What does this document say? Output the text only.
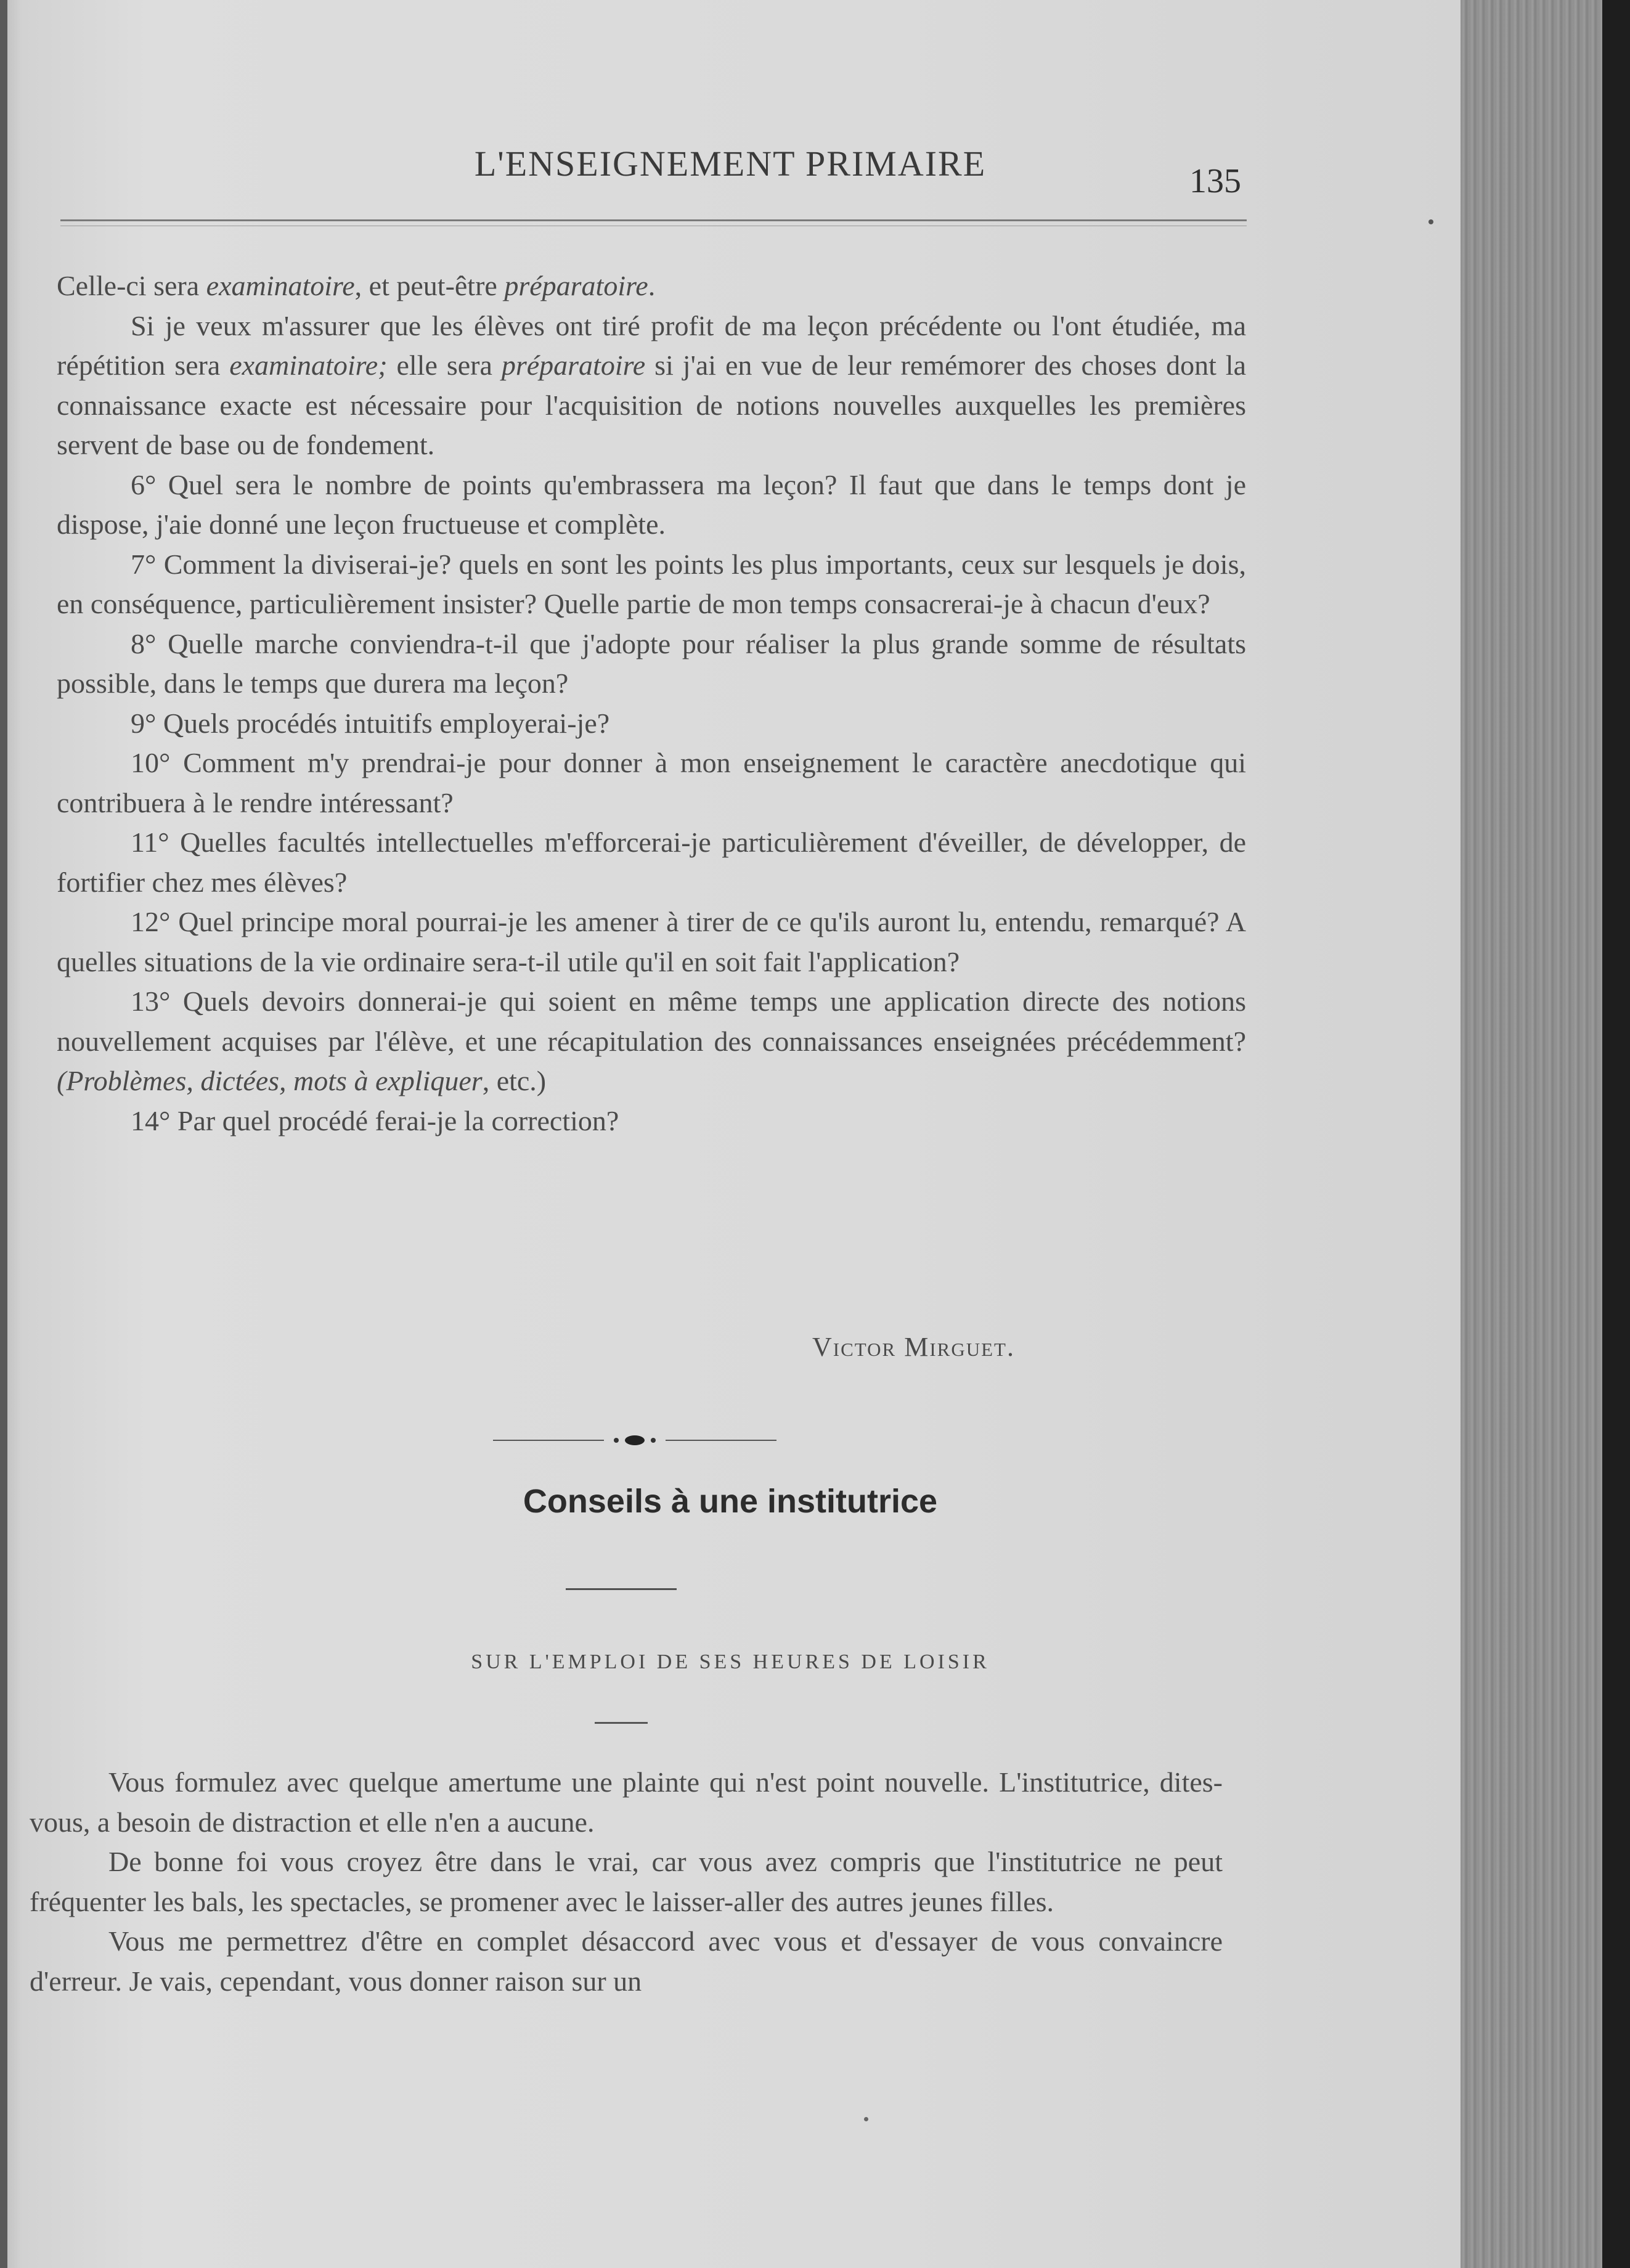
L'ENSEIGNEMENT PRIMAIRE	135

Celle-ci sera examinatoire, et peut-être préparatoire.

Si je veux m'assurer que les élèves ont tiré profit de ma leçon précédente ou l'ont étudiée, ma répétition sera examinatoire; elle sera préparatoire si j'ai en vue de leur remémorer des choses dont la connaissance exacte est nécessaire pour l'acquisition de notions nouvelles auxquelles les premières servent de base ou de fondement.

6° Quel sera le nombre de points qu'embrassera ma leçon? Il faut que dans le temps dont je dispose, j'aie donné une leçon fructueuse et complète.

7° Comment la diviserai-je? quels en sont les points les plus importants, ceux sur lesquels je dois, en conséquence, particulièrement insister? Quelle partie de mon temps consacrerai-je à chacun d'eux?

8° Quelle marche conviendra-t-il que j'adopte pour réaliser la plus grande somme de résultats possible, dans le temps que durera ma leçon?

9° Quels procédés intuitifs employerai-je?

10° Comment m'y prendrai-je pour donner à mon enseignement le caractère anecdotique qui contribuera à le rendre intéressant?

11° Quelles facultés intellectuelles m'efforcerai-je particulièrement d'éveiller, de développer, de fortifier chez mes élèves?

12° Quel principe moral pourrai-je les amener à tirer de ce qu'ils auront lu, entendu, remarqué? A quelles situations de la vie ordinaire sera-t-il utile qu'il en soit fait l'application?

13° Quels devoirs donnerai-je qui soient en même temps une application directe des notions nouvellement acquises par l'élève, et une récapitulation des connaissances enseignées précédemment? (Problèmes, dictées, mots à expliquer, etc.)

14° Par quel procédé ferai-je la correction?

Victor Mirguet.
Conseils à une institutrice
SUR L'EMPLOI DE SES HEURES DE LOISIR

Vous formulez avec quelque amertume une plainte qui n'est point nouvelle. L'institutrice, dites-vous, a besoin de distraction et elle n'en a aucune.

De bonne foi vous croyez être dans le vrai, car vous avez compris que l'institutrice ne peut fréquenter les bals, les spectacles, se promener avec le laisser-aller des autres jeunes filles.

Vous me permettrez d'être en complet désaccord avec vous et d'essayer de vous convaincre d'erreur. Je vais, cependant, vous donner raison sur un
